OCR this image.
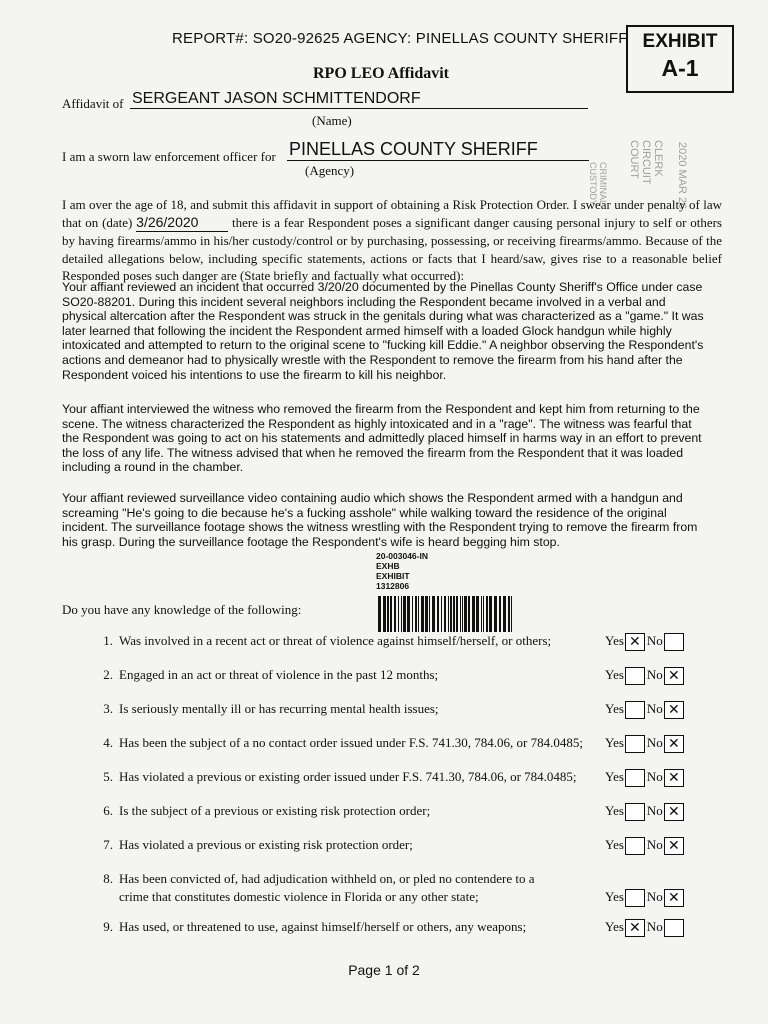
REPORT#: SO20-92625 AGENCY: PINELLAS COUNTY SHERIFF EXHIBIT
A-1
RPO LEO Affidavit
Affidavit of SERGEANT JASON SCHMITTENDORF
(Name)
I am a sworn law enforcement officer for PINELLAS COUNTY SHERIFF
(Agency)	CLERK CIRCUIT COURT	2020 MAR 26
CRIMINAL CUSTODY

I am over the age of 18, and submit this affidavit in support of obtaining a Risk Protection Order. I swear under penalty of law that on (date) 3/26/2020 there is a fear Respondent poses a significant danger causing personal injury to self or others by having firearms/ammo in his/her custody/control or by purchasing, possessing, or receiving firearms/ammo. Because of the detailed allegations below, including specific statements, actions or facts that I heard/saw, gives rise to a reasonable belief Responded poses such danger are (State briefly and factually what occurred):

Your affiant reviewed an incident that occurred 3/20/20 documented by the Pinellas County Sheriff's Office under case SO20-88201. During this incident several neighbors including the Respondent became involved in a verbal and physical altercation after the Respondent was struck in the genitals during what was characterized as a "game." It was later learned that following the incident the Respondent armed himself with a loaded Glock handgun while highly intoxicated and attempted to return to the original scene to "fucking kill Eddie." A neighbor observing the Respondent's actions and demeanor had to physically wrestle with the Respondent to remove the firearm from his hand after the Respondent voiced his intentions to use the firearm to kill his neighbor.
Your affiant interviewed the witness who removed the firearm from the Respondent and kept him from returning to the scene. The witness characterized the Respondent as highly intoxicated and in a "rage". The witness was fearful that the Respondent was going to act on his statements and admittedly placed himself in harms way in an effort to prevent the loss of any life. The witness advised that when he removed the firearm from the Respondent that it was loaded including a round in the chamber.
Your affiant reviewed surveillance video containing audio which shows the Respondent armed with a handgun and screaming "He's going to die because he's a fucking asshole" while walking toward the residence of the original incident. The surveillance footage shows the witness wrestling with the Respondent trying to remove the firearm from his grasp. During the surveillance footage the Respondent's wife is heard begging him stop.
20-003046-IN
EXHB
EXHIBIT
1312806
Do you have any knowledge of the following:
1. Was involved in a recent act or threat of violence against himself/herself, or others;	Yes ✕ No
2. Engaged in an act or threat of violence in the past 12 months;	Yes No ✕
3. Is seriously mentally ill or has recurring mental health issues;	Yes No ✕
4. Has been the subject of a no contact order issued under F.S. 741.30, 784.06, or 784.0485;	Yes No ✕
5. Has violated a previous or existing order issued under F.S. 741.30, 784.06, or 784.0485;	Yes No ✕
6. Is the subject of a previous or existing risk protection order;	Yes No ✕
7. Has violated a previous or existing risk protection order;	Yes No ✕
8. Has been convicted of, had adjudication withheld on, or pled no contendere to a crime that constitutes domestic violence in Florida or any other state;	Yes No ✕
9. Has used, or threatened to use, against himself/herself or others, any weapons;	Yes ✕ No
Page 1 of 2
